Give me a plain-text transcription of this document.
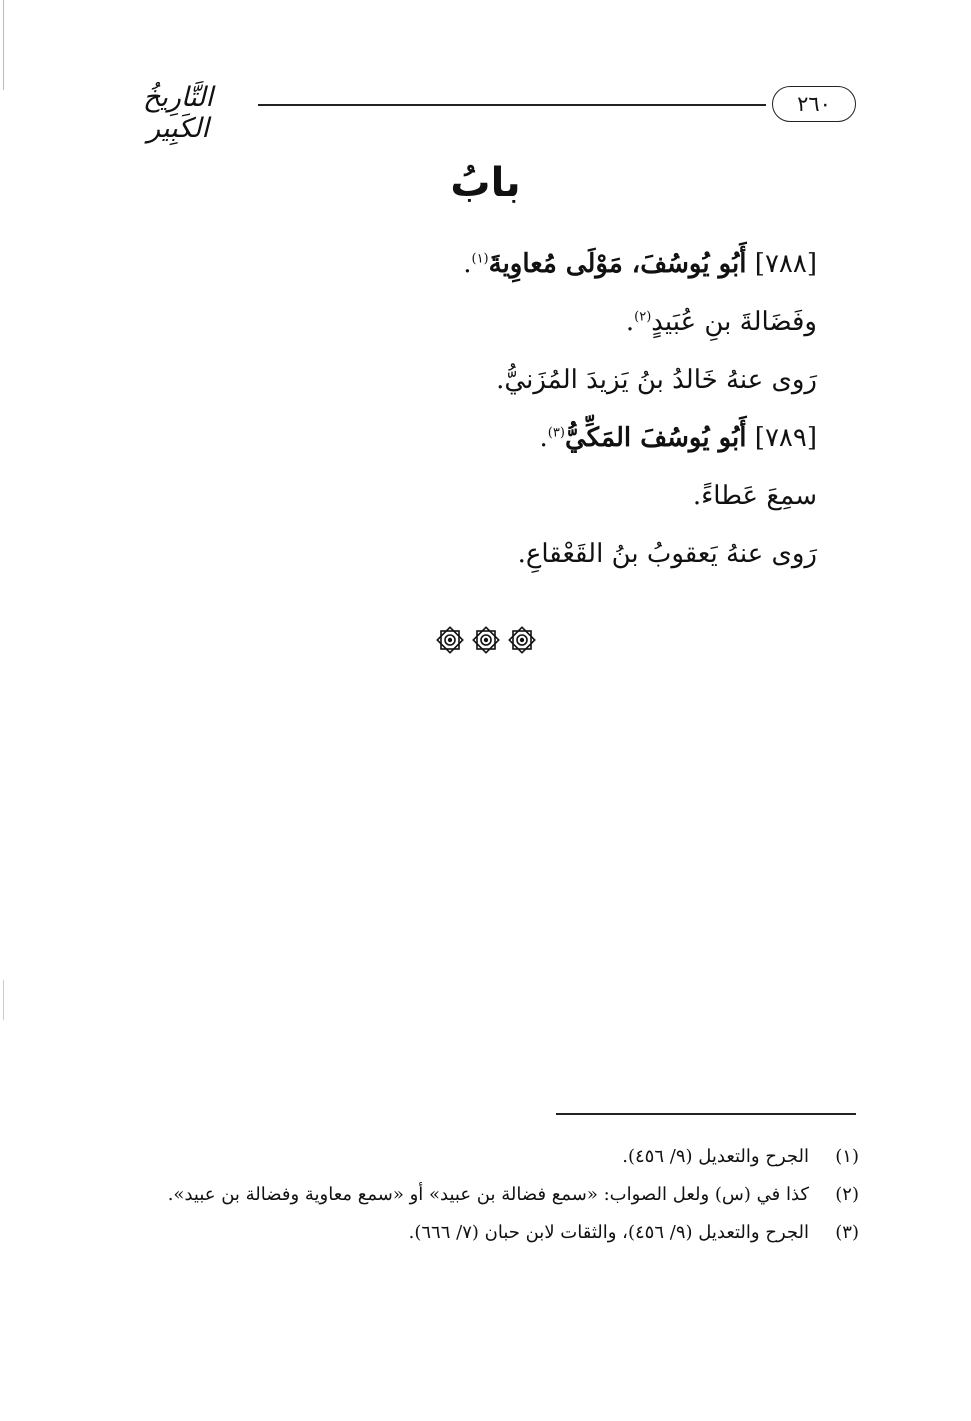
التَّارِيخُ الكَبِير
٢٦٠
بابُ
[٧٨٨] أَبُو يُوسُفَ، مَوْلَى مُعاوِيةَ$^{(١)}$.
وفَضَالةَ بنِ عُبَيدٍ$^{(٢)}$.
رَوى عنهُ خَالدُ بنُ يَزيدَ المُزَنيُّ.
[٧٨٩] أَبُو يُوسُفَ المَكِّيُّ$^{(٣)}$.
سمِعَ عَطاءً.
رَوى عنهُ يَعقوبُ بنُ القَعْقاعِ.
(١)
الجرح والتعديل (٩/ ٤٥٦).
(٢)
كذا في (س) ولعل الصواب: «سمع فضالة بن عبيد» أو «سمع معاوية وفضالة بن عبيد».
(٣)
الجرح والتعديل (٩/ ٤٥٦)، والثقات لابن حبان (٧/ ٦٦٦).
